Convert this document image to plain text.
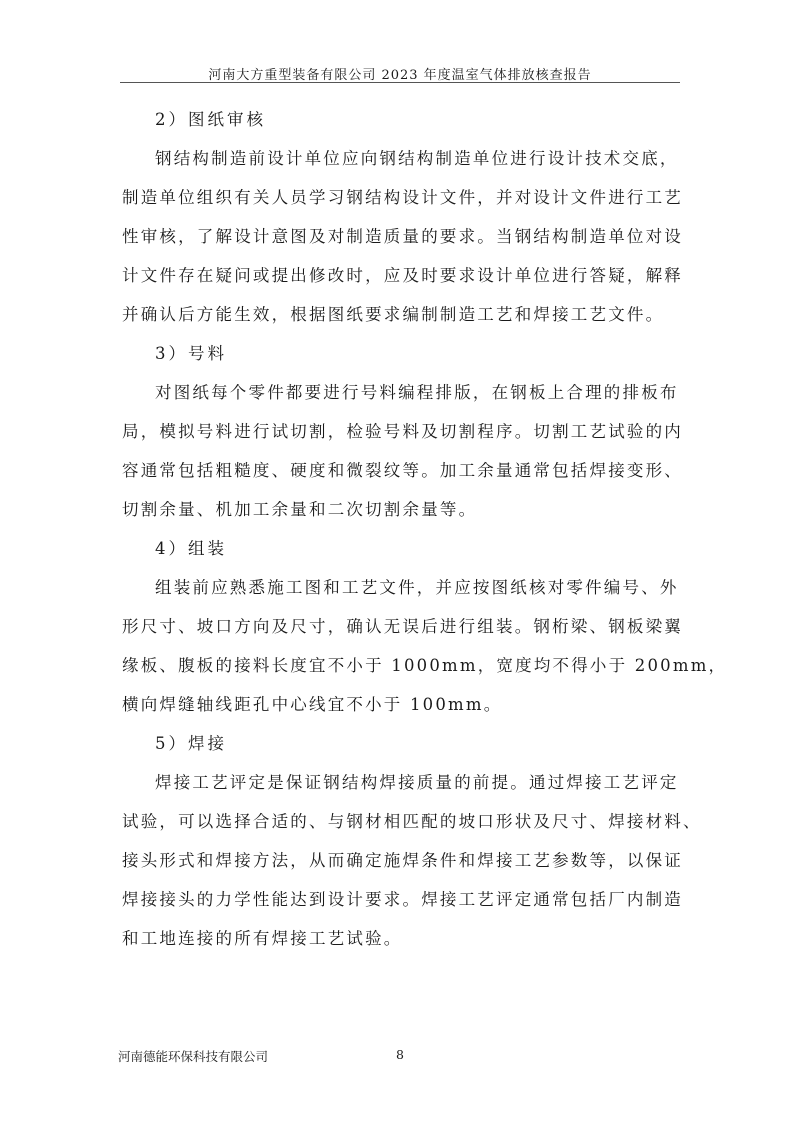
河南大方重型装备有限公司 2023 年度温室气体排放核查报告
2）图纸审核
钢结构制造前设计单位应向钢结构制造单位进行设计技术交底，
制造单位组织有关人员学习钢结构设计文件，并对设计文件进行工艺
性审核，了解设计意图及对制造质量的要求。当钢结构制造单位对设
计文件存在疑问或提出修改时，应及时要求设计单位进行答疑，解释
并确认后方能生效，根据图纸要求编制制造工艺和焊接工艺文件。
3）号料
对图纸每个零件都要进行号料编程排版，在钢板上合理的排板布
局，模拟号料进行试切割，检验号料及切割程序。切割工艺试验的内
容通常包括粗糙度、硬度和微裂纹等。加工余量通常包括焊接变形、
切割余量、机加工余量和二次切割余量等。
4）组装
组装前应熟悉施工图和工艺文件，并应按图纸核对零件编号、外
形尺寸、坡口方向及尺寸，确认无误后进行组装。钢桁梁、钢板梁翼
缘板、腹板的接料长度宜不小于 1000mm，宽度均不得小于 200mm，
横向焊缝轴线距孔中心线宜不小于 100mm。
5）焊接
焊接工艺评定是保证钢结构焊接质量的前提。通过焊接工艺评定
试验，可以选择合适的、与钢材相匹配的坡口形状及尺寸、焊接材料、
接头形式和焊接方法，从而确定施焊条件和焊接工艺参数等，以保证
焊接接头的力学性能达到设计要求。焊接工艺评定通常包括厂内制造
和工地连接的所有焊接工艺试验。
河南德能环保科技有限公司	8
